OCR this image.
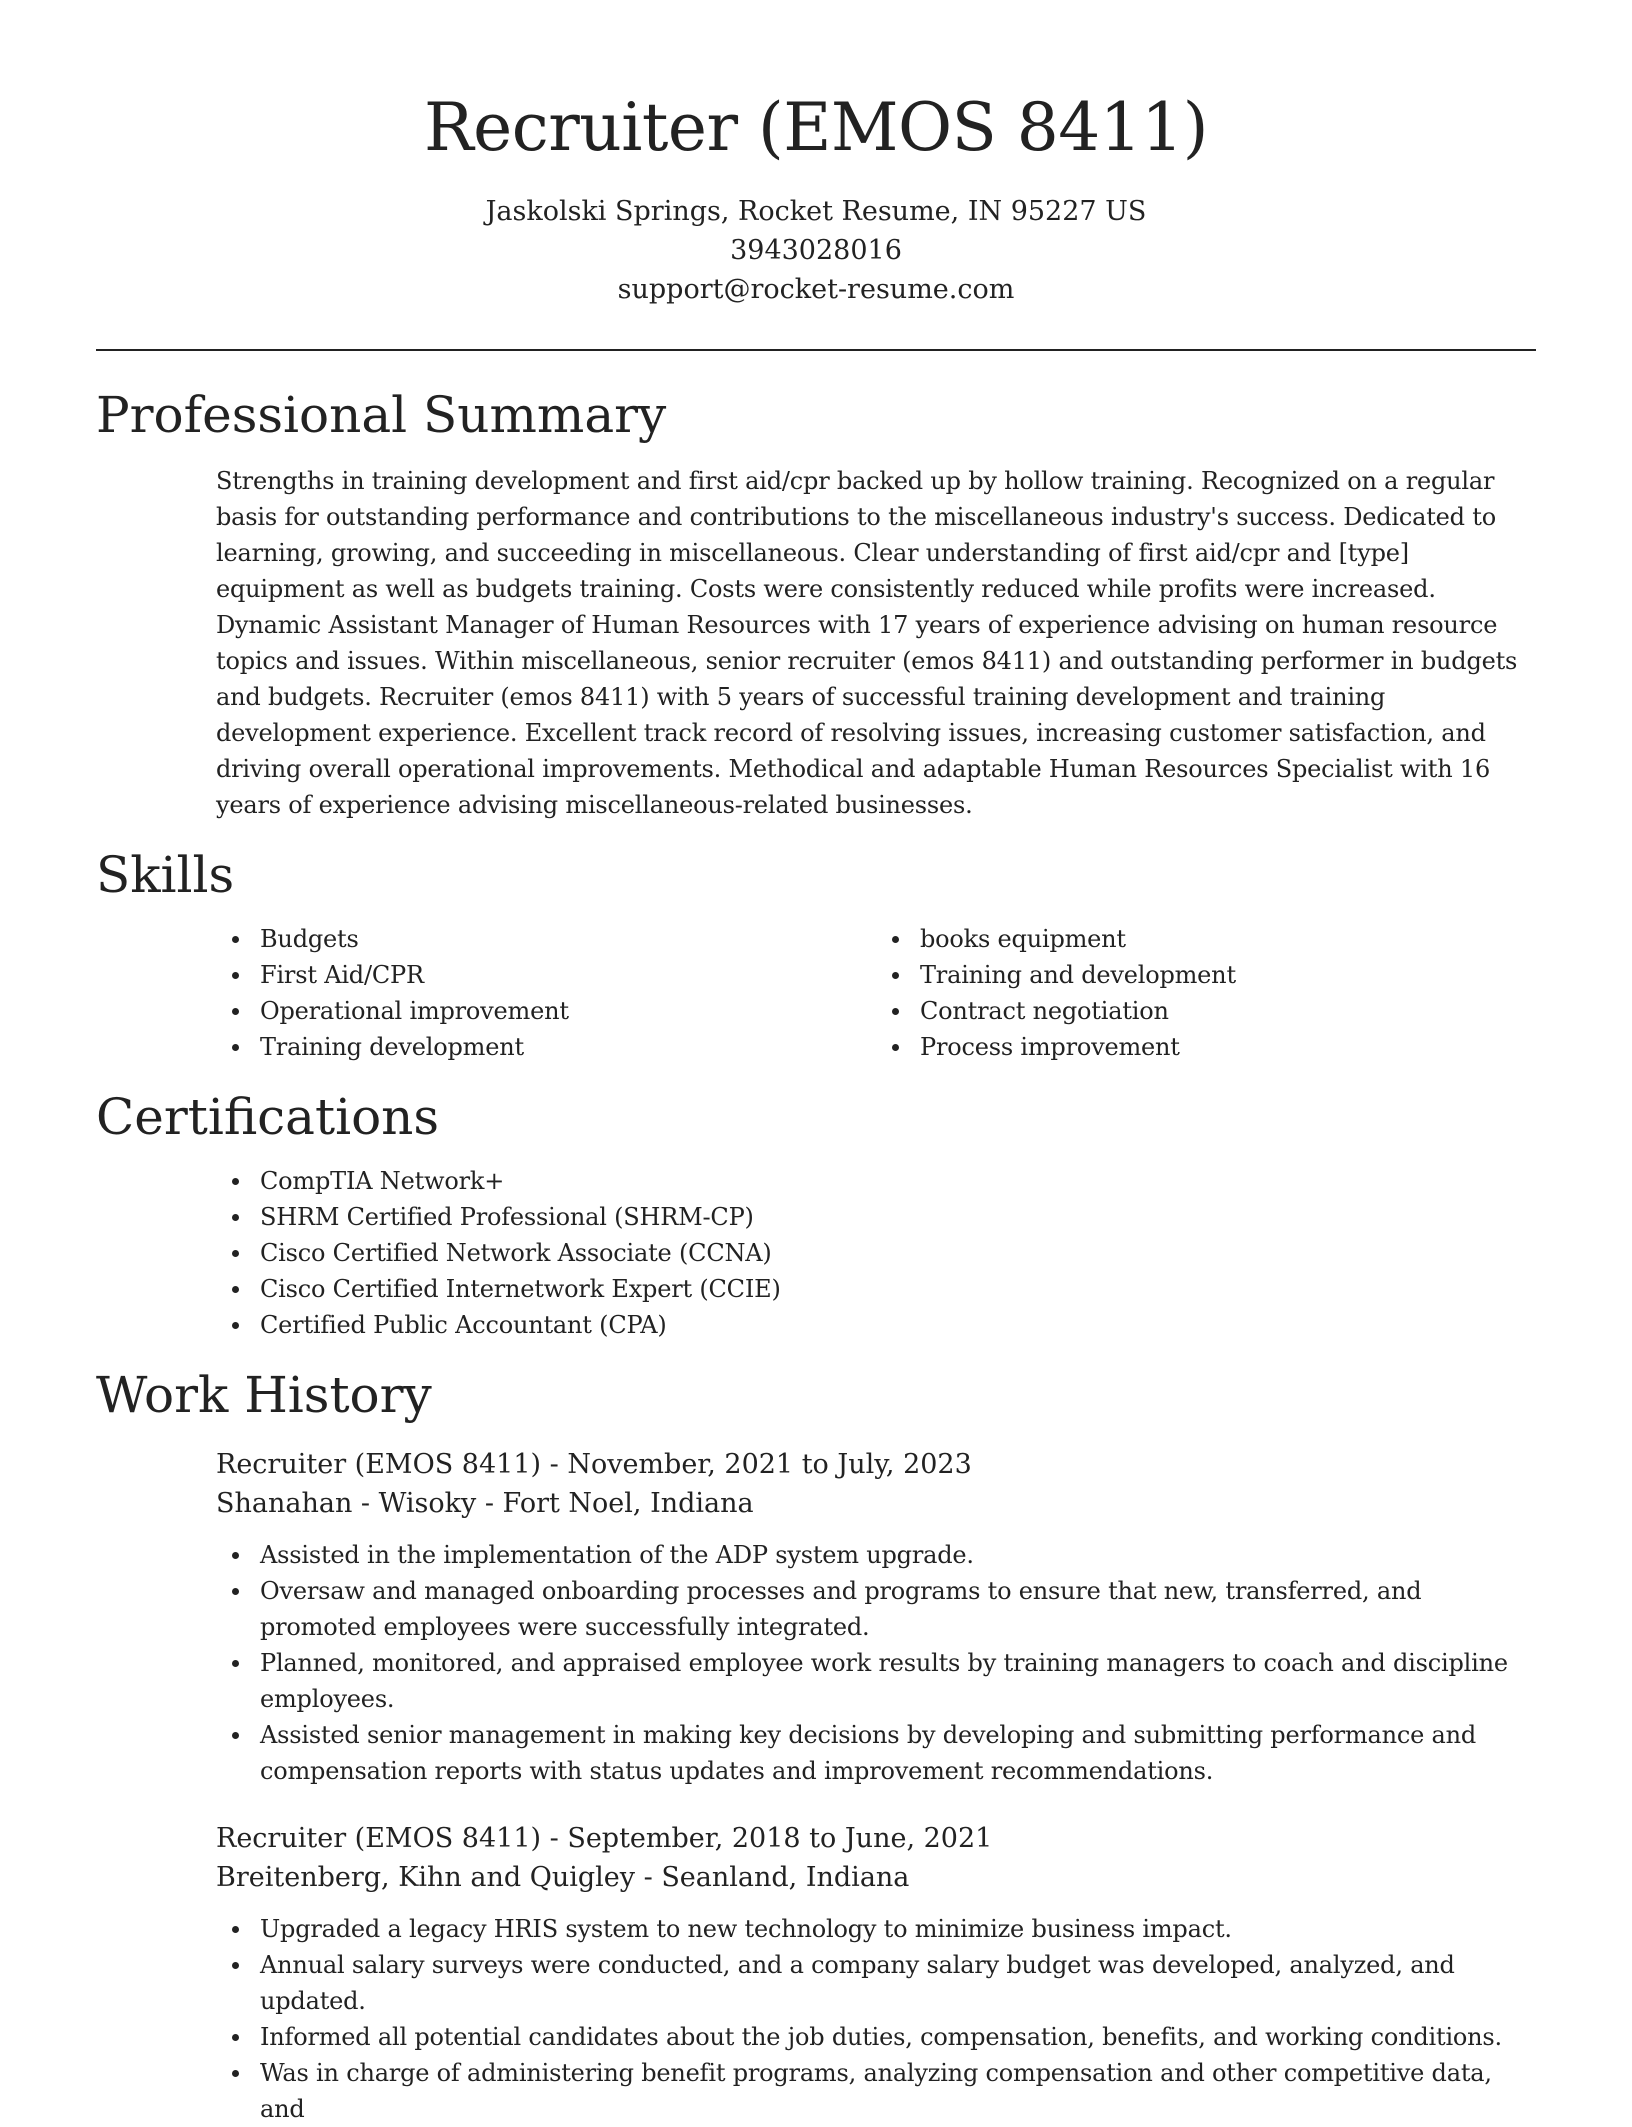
Recruiter (EMOS 8411)
Jaskolski Springs, Rocket Resume, IN 95227 US
3943028016
support@rocket-resume.com
Professional Summary

Strengths in training development and first aid/cpr backed up by hollow training. Recognized on a regular basis for outstanding performance and contributions to the miscellaneous industry's success. Dedicated to learning, growing, and succeeding in miscellaneous. Clear understanding of first aid/cpr and [type] equipment as well as budgets training. Costs were consistently reduced while profits were increased. Dynamic Assistant Manager of Human Resources with 17 years of experience advising on human resource topics and issues. Within miscellaneous, senior recruiter (emos 8411) and outstanding performer in budgets and budgets. Recruiter (emos 8411) with 5 years of successful training development and training development experience. Excellent track record of resolving issues, increasing customer satisfaction, and driving overall operational improvements. Methodical and adaptable Human Resources Specialist with 16 years of experience advising miscellaneous-related businesses.

Skills
Budgets
First Aid/CPR
Operational improvement
Training development
books equipment
Training and development
Contract negotiation
Process improvement
Certifications
CompTIA Network+
SHRM Certified Professional (SHRM-CP)
Cisco Certified Network Associate (CCNA)
Cisco Certified Internetwork Expert (CCIE)
Certified Public Accountant (CPA)
Work History
Recruiter (EMOS 8411) - November, 2021 to July, 2023
Shanahan - Wisoky - Fort Noel, Indiana
Assisted in the implementation of the ADP system upgrade.
Oversaw and managed onboarding processes and programs to ensure that new, transferred, and promoted employees were successfully integrated.
Planned, monitored, and appraised employee work results by training managers to coach and discipline employees.
Assisted senior management in making key decisions by developing and submitting performance and compensation reports with status updates and improvement recommendations.
Recruiter (EMOS 8411) - September, 2018 to June, 2021
Breitenberg, Kihn and Quigley - Seanland, Indiana
Upgraded a legacy HRIS system to new technology to minimize business impact.
Annual salary surveys were conducted, and a company salary budget was developed, analyzed, and updated.
Informed all potential candidates about the job duties, compensation, benefits, and working conditions.
Was in charge of administering benefit programs, analyzing compensation and other competitive data, and
